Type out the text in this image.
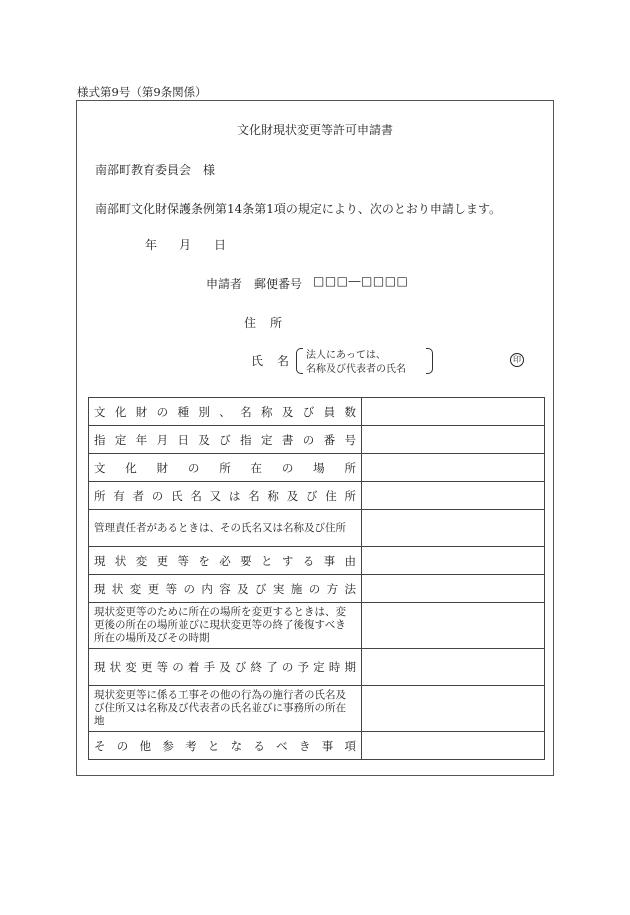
様式第9号（第9条関係）
文化財現状変更等許可申請書
南部町教育委員会　様
南部町文化財保護条例第14条第1項の規定により、次のとおり申請します。
年 月 日
申請者 郵便番号 □□□―□□□□
住所
氏名 法人にあっては、
名称及び代表者の氏名
印
文化財の種別、名称及び員数	

指定年月日及び指定書の番号	

文化財の所在の場所	

所有者の氏名又は名称及び住所	

管理責任者があるときは、その氏名又は名称及び住所	

現状変更等を必要とする事由	

現状変更等の内容及び実施の方法	

現状変更等のために所在の場所を変更するときは、変更後の所在の場所並びに現状変更等の終了後復すべき所在の場所及びその時期	

現状変更等の着手及び終了の予定時期	

現状変更等に係る工事その他の行為の施行者の氏名及び住所又は名称及び代表者の氏名並びに事務所の所在地	

その他参考となるべき事項	
